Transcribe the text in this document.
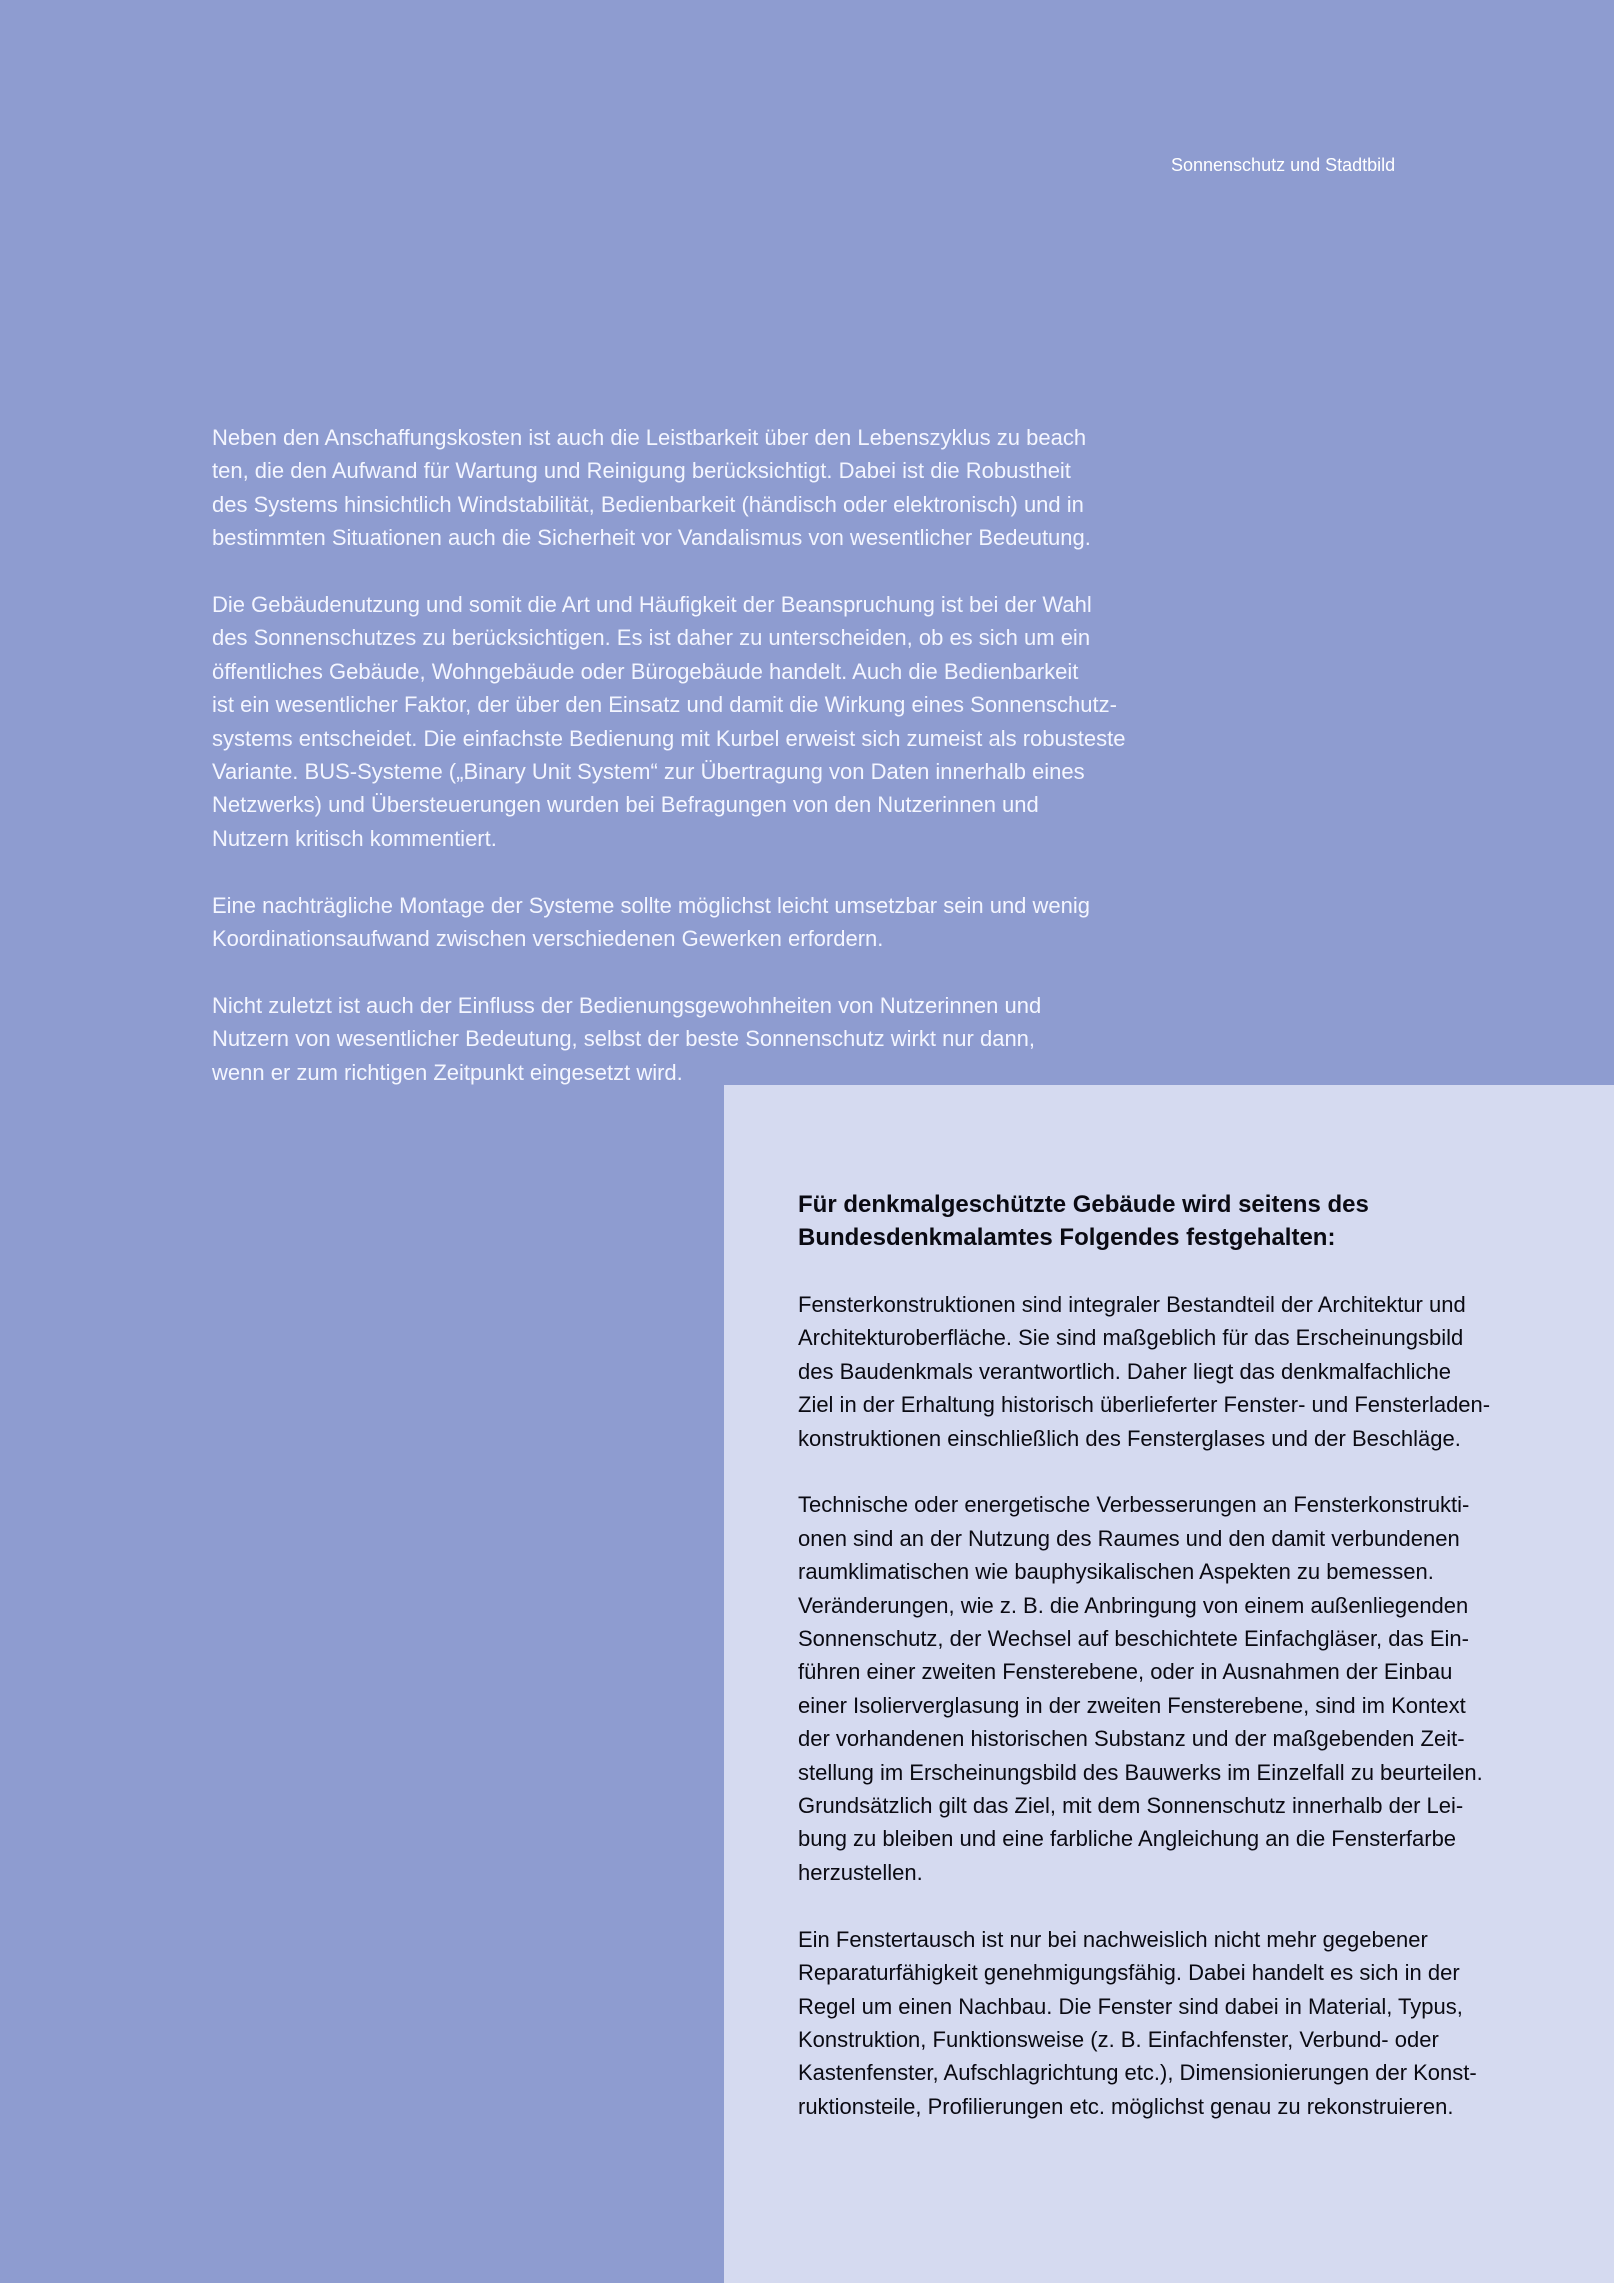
Sonnenschutz und Stadtbild
Neben den Anschaffungskosten ist auch die Leistbarkeit über den Lebenszyklus zu beach
ten, die den Aufwand für Wartung und Reinigung berücksichtigt. Dabei ist die Robustheit
des Systems hinsichtlich Windstabilität, Bedienbarkeit (händisch oder elektronisch) und in
bestimmten Situationen auch die Sicherheit vor Vandalismus von wesentlicher Bedeutung.
Die Gebäudenutzung und somit die Art und Häufigkeit der Beanspruchung ist bei der Wahl
des Sonnenschutzes zu berücksichtigen. Es ist daher zu unterscheiden, ob es sich um ein
öffentliches Gebäude, Wohngebäude oder Bürogebäude handelt. Auch die Bedienbarkeit
ist ein wesentlicher Faktor, der über den Einsatz und damit die Wirkung eines Sonnenschutz-
systems entscheidet. Die einfachste Bedienung mit Kurbel erweist sich zumeist als robusteste
Variante. BUS-Systeme („Binary Unit System“ zur Übertragung von Daten innerhalb eines
Netzwerks) und Übersteuerungen wurden bei Befragungen von den Nutzerinnen und
Nutzern kritisch kommentiert.
Eine nachträgliche Montage der Systeme sollte möglichst leicht umsetzbar sein und wenig
Koordinationsaufwand zwischen verschiedenen Gewerken erfordern.
Nicht zuletzt ist auch der Einfluss der Bedienungsgewohnheiten von Nutzerinnen und
Nutzern von wesentlicher Bedeutung, selbst der beste Sonnenschutz wirkt nur dann,
wenn er zum richtigen Zeitpunkt eingesetzt wird.
Für denkmalgeschützte Gebäude wird seitens des
Bundesdenkmalamtes Folgendes festgehalten:
Fensterkonstruktionen sind integraler Bestandteil der Architektur und
Architekturoberfläche. Sie sind maßgeblich für das Erscheinungsbild
des Baudenkmals verantwortlich. Daher liegt das denkmalfachliche
Ziel in der Erhaltung historisch überlieferter Fenster- und Fensterladen-
konstruktionen einschließlich des Fensterglases und der Beschläge.
Technische oder energetische Verbesserungen an Fensterkonstrukti-
onen sind an der Nutzung des Raumes und den damit verbundenen
raumklimatischen wie bauphysikalischen Aspekten zu bemessen.
Veränderungen, wie z. B. die Anbringung von einem außenliegenden
Sonnenschutz, der Wechsel auf beschichtete Einfachgläser, das Ein-
führen einer zweiten Fensterebene, oder in Ausnahmen der Einbau
einer Isolierverglasung in der zweiten Fensterebene, sind im Kontext
der vorhandenen historischen Substanz und der maßgebenden Zeit-
stellung im Erscheinungsbild des Bauwerks im Einzelfall zu beurteilen.
Grundsätzlich gilt das Ziel, mit dem Sonnenschutz innerhalb der Lei-
bung zu bleiben und eine farbliche Angleichung an die Fensterfarbe
herzustellen.
Ein Fenstertausch ist nur bei nachweislich nicht mehr gegebener
Reparaturfähigkeit genehmigungsfähig. Dabei handelt es sich in der
Regel um einen Nachbau. Die Fenster sind dabei in Material, Typus,
Konstruktion, Funktionsweise (z. B. Einfachfenster, Verbund- oder
Kastenfenster, Aufschlagrichtung etc.), Dimensionierungen der Konst-
ruktionsteile, Profilierungen etc. möglichst genau zu rekonstruieren.
